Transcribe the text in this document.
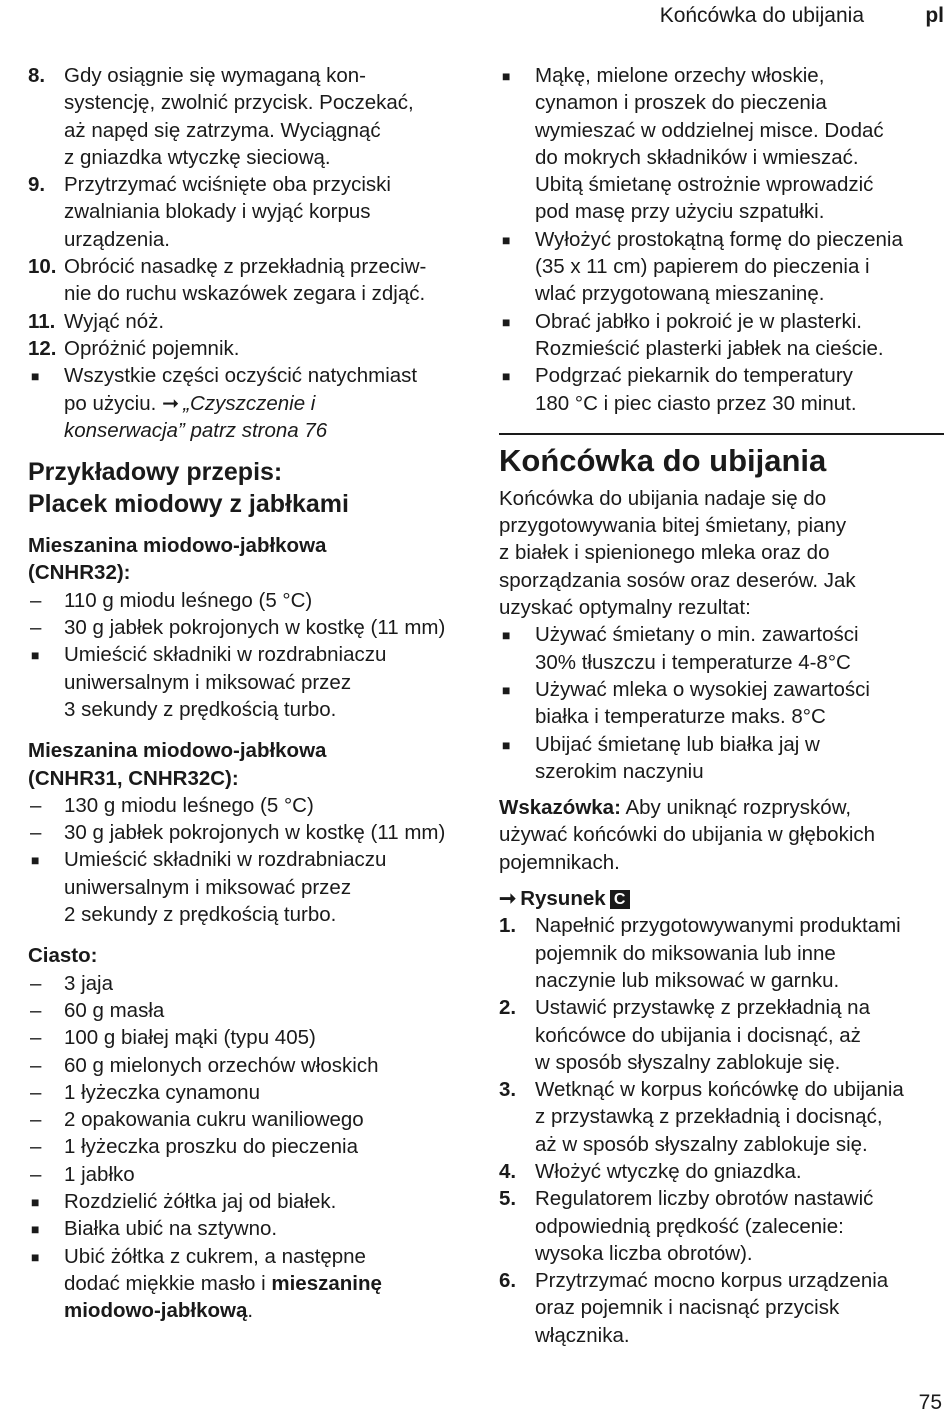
Końcówka do ubijania	pl
8. Gdy osiągnie się wymaganą kon-
systencję, zwolnić przycisk. Poczekać,
aż napęd się zatrzyma. Wyciągnąć
z gniazdka wtyczkę sieciową.
9. Przytrzymać wciśnięte oba przyciski
zwalniania blokady i wyjąć korpus
urządzenia.
10. Obrócić nasadkę z przekładnią przeciw-
nie do ruchu wskazówek zegara i zdjąć.
11. Wyjąć nóż.
12. Opróżnić pojemnik.
■ Wszystkie części oczyścić natychmiast
po użyciu. ➞ „Czyszczenie i
konserwacja” patrz strona 76
Przykładowy przepis:
Placek miodowy z jabłkami
Mieszanina miodowo-jabłkowa
(CNHR32):
– 110 g miodu leśnego (5 °C)
– 30 g jabłek pokrojonych w kostkę (11 mm)
■ Umieścić składniki w rozdrabniaczu
uniwersalnym i miksować przez
3 sekundy z prędkością turbo.
Mieszanina miodowo-jabłkowa
(CNHR31, CNHR32C):
– 130 g miodu leśnego (5 °C)
– 30 g jabłek pokrojonych w kostkę (11 mm)
■ Umieścić składniki w rozdrabniaczu
uniwersalnym i miksować przez
2 sekundy z prędkością turbo.
Ciasto:
– 3 jaja
– 60 g masła
– 100 g białej mąki (typu 405)
– 60 g mielonych orzechów włoskich
– 1 łyżeczka cynamonu
– 2 opakowania cukru waniliowego
– 1 łyżeczka proszku do pieczenia
– 1 jabłko
■ Rozdzielić żółtka jaj od białek.
■ Białka ubić na sztywno.
■ Ubić żółtka z cukrem, a następne
dodać miękkie masło i mieszaninę
miodowo-jabłkową.
■ Mąkę, mielone orzechy włoskie,
cynamon i proszek do pieczenia
wymieszać w oddzielnej misce. Dodać
do mokrych składników i wmieszać.
Ubitą śmietanę ostrożnie wprowadzić
pod masę przy użyciu szpatułki.
■ Wyłożyć prostokątną formę do pieczenia
(35 x 11 cm) papierem do pieczenia i
wlać przygotowaną mieszaninę.
■ Obrać jabłko i pokroić je w plasterki.
Rozmieścić plasterki jabłek na cieście.
■ Podgrzać piekarnik do temperatury
180 °C i piec ciasto przez 30 minut.
Końcówka do ubijania
Końcówka do ubijania nadaje się do
przygotowywania bitej śmietany, piany
z białek i spienionego mleka oraz do
sporządzania sosów oraz deserów. Jak
uzyskać optymalny rezultat:
■ Używać śmietany o min. zawartości
30% tłuszczu i temperaturze 4-8°C
■ Używać mleka o wysokiej zawartości
białka i temperaturze maks. 8°C
■ Ubijać śmietanę lub białka jaj w
szerokim naczyniu
Wskazówka: Aby uniknąć rozprysków,
używać końcówki do ubijania w głębokich
pojemnikach.
➞ Rysunek C
1. Napełnić przygotowywanymi produktami
pojemnik do miksowania lub inne
naczynie lub miksować w garnku.
2. Ustawić przystawkę z przekładnią na
końcówce do ubijania i docisnąć, aż
w sposób słyszalny zablokuje się.
3. Wetknąć w korpus końcówkę do ubijania
z przystawką z przekładnią i docisnąć,
aż w sposób słyszalny zablokuje się.
4. Włożyć wtyczkę do gniazdka.
5. Regulatorem liczby obrotów nastawić
odpowiednią prędkość (zalecenie:
wysoka liczba obrotów).
6. Przytrzymać mocno korpus urządzenia
oraz pojemnik i nacisnąć przycisk
włącznika.
75
